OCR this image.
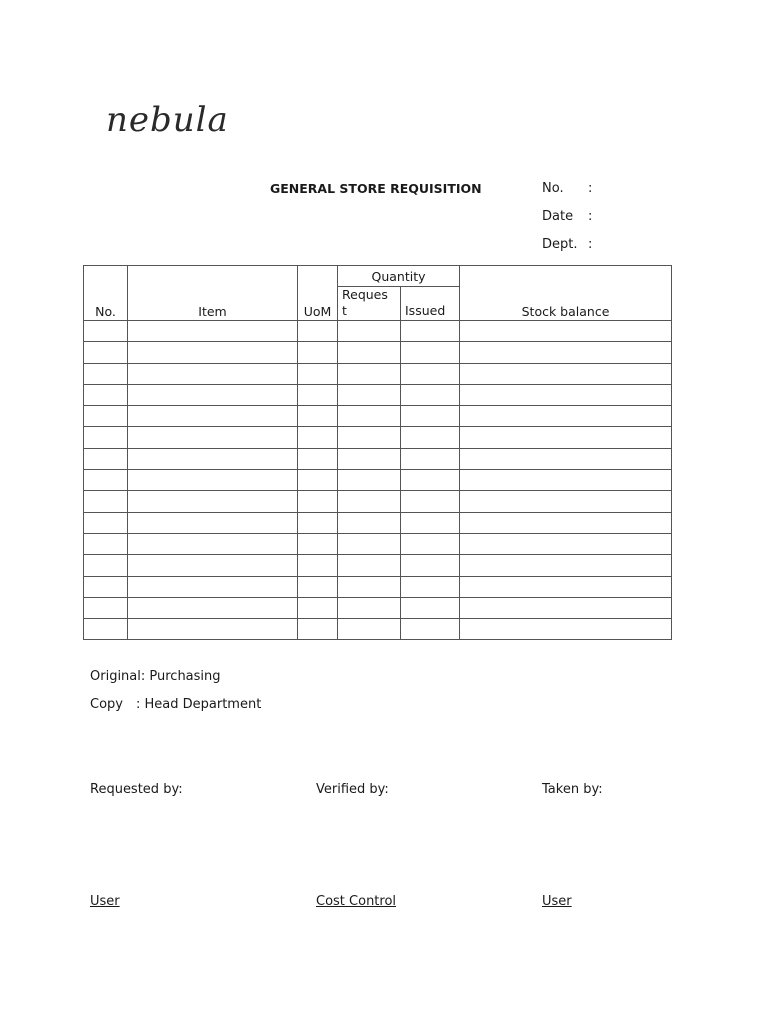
nebula
GENERAL STORE REQUISITION	No. :
Date :
Dept. :
No.	Item	UoM	Quantity		Stock balance
			Reques t	Issued	

Original: Purchasing
Copy : Head Department
Requested by:	Verified by:	Taken by:
User	Cost Control	User
